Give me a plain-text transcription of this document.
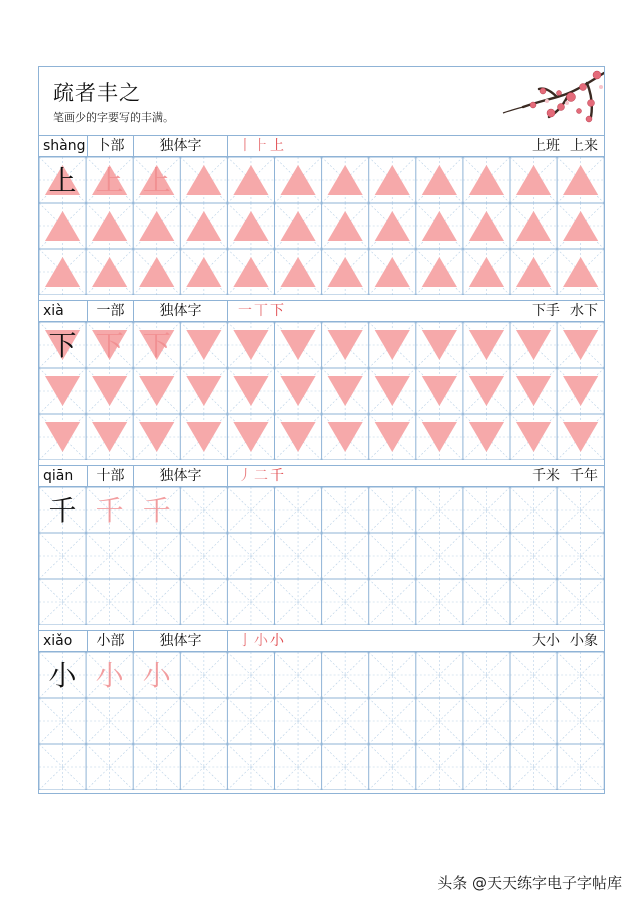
疏者丰之
笔画少的字要写的丰满。
shàng 卜部	独体字	丨⺊上	上班 上来
上 上 上
xià	一部	独体字	一丅下	下手 水下
下 下 下
qiān	十部	独体字	丿二千	千米 千年
千 千 千
xiǎo	小部	独体字	亅小小	大小 小象
小 小 小
头条 @天天练字电子字帖库
